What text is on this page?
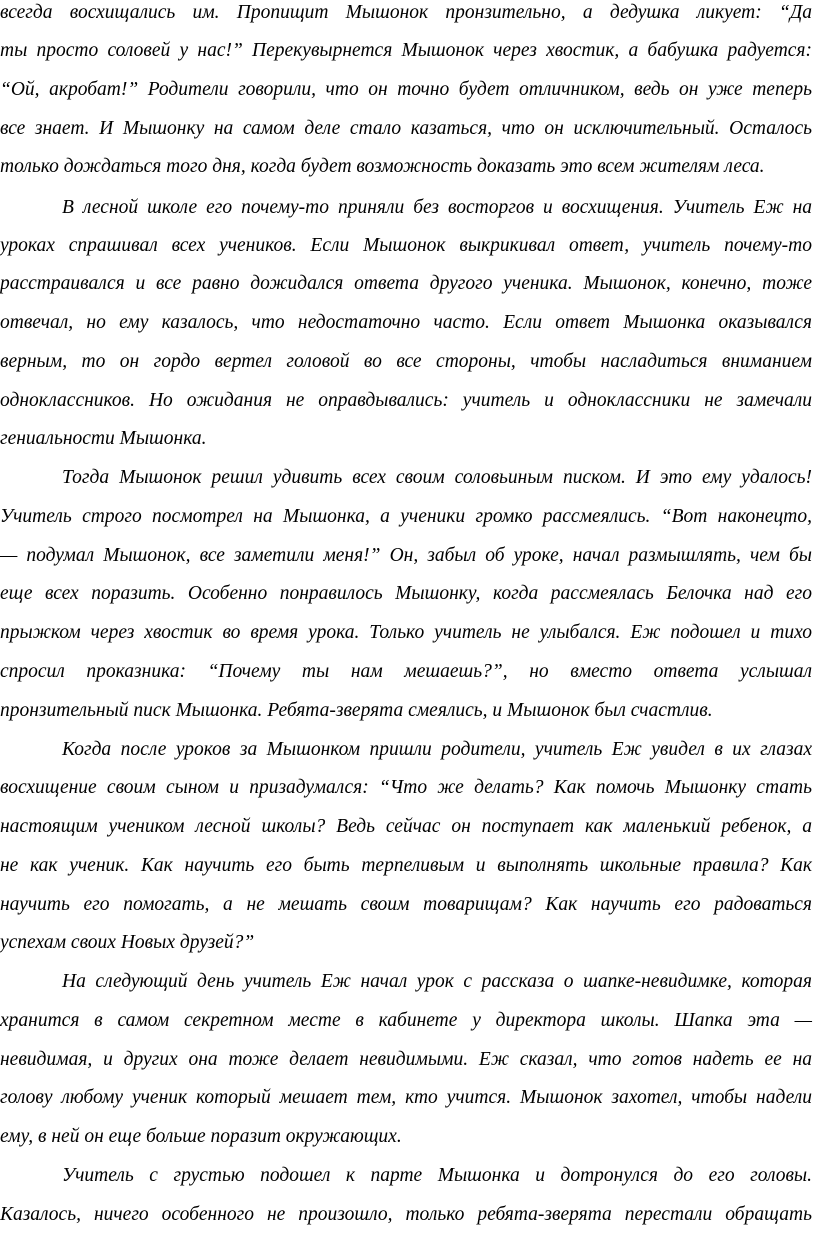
всегда восхищались им. Пропищит Мышонок пронзительно, а дедушка ликует: “Да
ты просто соловей у нас!” Перекувырнется Мышонок через хвостик, а бабушка радуется:
“Ой, акробат!” Родители говорили, что он точно будет отличником, ведь он уже теперь
все знает. И Мышонку на самом деле стало казаться, что он исключительный. Осталось
только дождаться того дня, когда будет возможность доказать это всем жителям леса.
В лесной школе его почему-то приняли без восторгов и восхищения. Учитель Еж на
уроках спрашивал всех учеников. Если Мышонок выкрикивал ответ, учитель почему-то
расстраивался и все равно дожидался ответа другого ученика. Мышонок, конечно, тоже
отвечал, но ему казалось, что недостаточно часто. Если ответ Мышонка оказывался
верным, то он гордо вертел головой во все стороны, чтобы насладиться вниманием
одноклассников. Но ожидания не оправдывались: учитель и одноклассники не замечали
гениальности Мышонка.
Тогда Мышонок решил удивить всех своим соловьиным писком. И это ему удалось!
Учитель строго посмотрел на Мышонка, а ученики громко рассмеялись. “Вот наконецто,
— подумал Мышонок, все заметили меня!” Он, забыл об уроке, начал размышлять, чем бы
еще всех поразить. Особенно понравилось Мышонку, когда рассмеялась Белочка над его
прыжком через хвостик во время урока. Только учитель не улыбался. Еж подошел и тихо
спросил проказника: “Почему ты нам мешаешь?”, но вместо ответа услышал
пронзительный писк Мышонка. Ребята-зверята смеялись, и Мышонок был счастлив.
Когда после уроков за Мышонком пришли родители, учитель Еж увидел в их глазах
восхищение своим сыном и призадумался: “Что же делать? Как помочь Мышонку стать
настоящим учеником лесной школы? Ведь сейчас он поступает как маленький ребенок, а
не как ученик. Как научить его быть терпеливым и выполнять школьные правила? Как
научить его помогать, а не мешать своим товарищам? Как научить его радоваться
успехам своих Новых друзей?”
На следующий день учитель Еж начал урок с рассказа о шапке-невидимке, которая
хранится в самом секретном месте в кабинете у директора школы. Шапка эта —
невидимая, и других она тоже делает невидимыми. Еж сказал, что готов надеть ее на
голову любому ученик который мешает тем, кто учится. Мышонок захотел, чтобы надели
ему, в ней он еще больше поразит окружающих.
Учитель с грустью подошел к парте Мышонка и дотронулся до его головы.
Казалось, ничего особенного не произошло, только ребята-зверята перестали обращать
